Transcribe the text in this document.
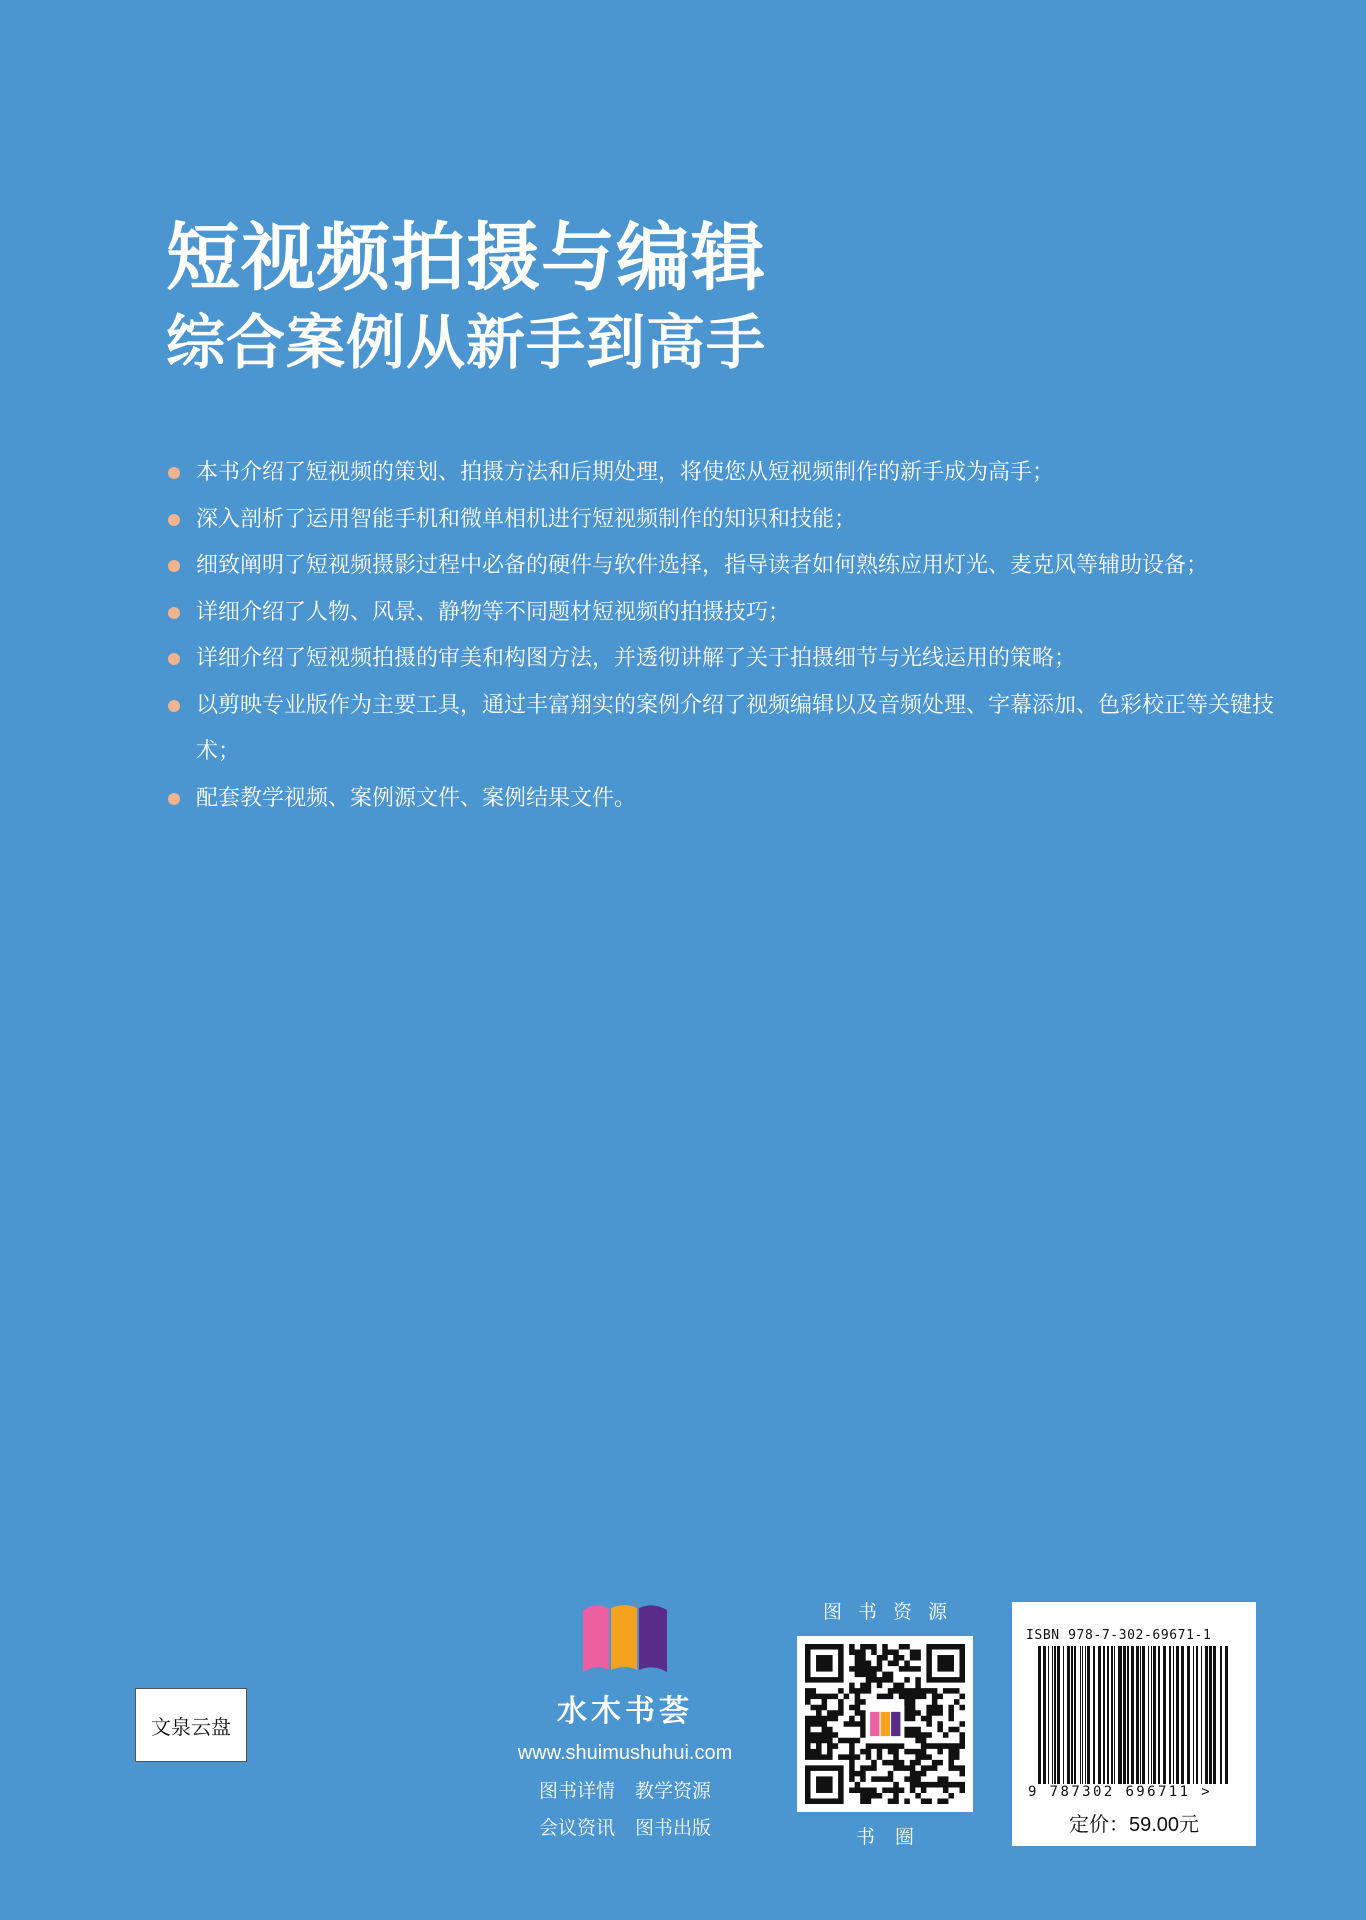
短视频拍摄与编辑
综合案例从新手到高手
本书介绍了短视频的策划、拍摄方法和后期处理，将使您从短视频制作的新手成为高手；
深入剖析了运用智能手机和微单相机进行短视频制作的知识和技能；
细致阐明了短视频摄影过程中必备的硬件与软件选择，指导读者如何熟练应用灯光、麦克风等辅助设备；
详细介绍了人物、风景、静物等不同题材短视频的拍摄技巧；
详细介绍了短视频拍摄的审美和构图方法，并透彻讲解了关于拍摄细节与光线运用的策略；
以剪映专业版作为主要工具，通过丰富翔实的案例介绍了视频编辑以及音频处理、字幕添加、色彩校正等关键技术；
配套教学视频、案例源文件、案例结果文件。
文泉云盘	水木书荟
www.shuimushuhui.com
图书详情 教学资源
会议资讯 图书出版
图书资源
书圈
ISBN 978-7-302-69671-1
9 787302 696711 >
定价：59.00元
